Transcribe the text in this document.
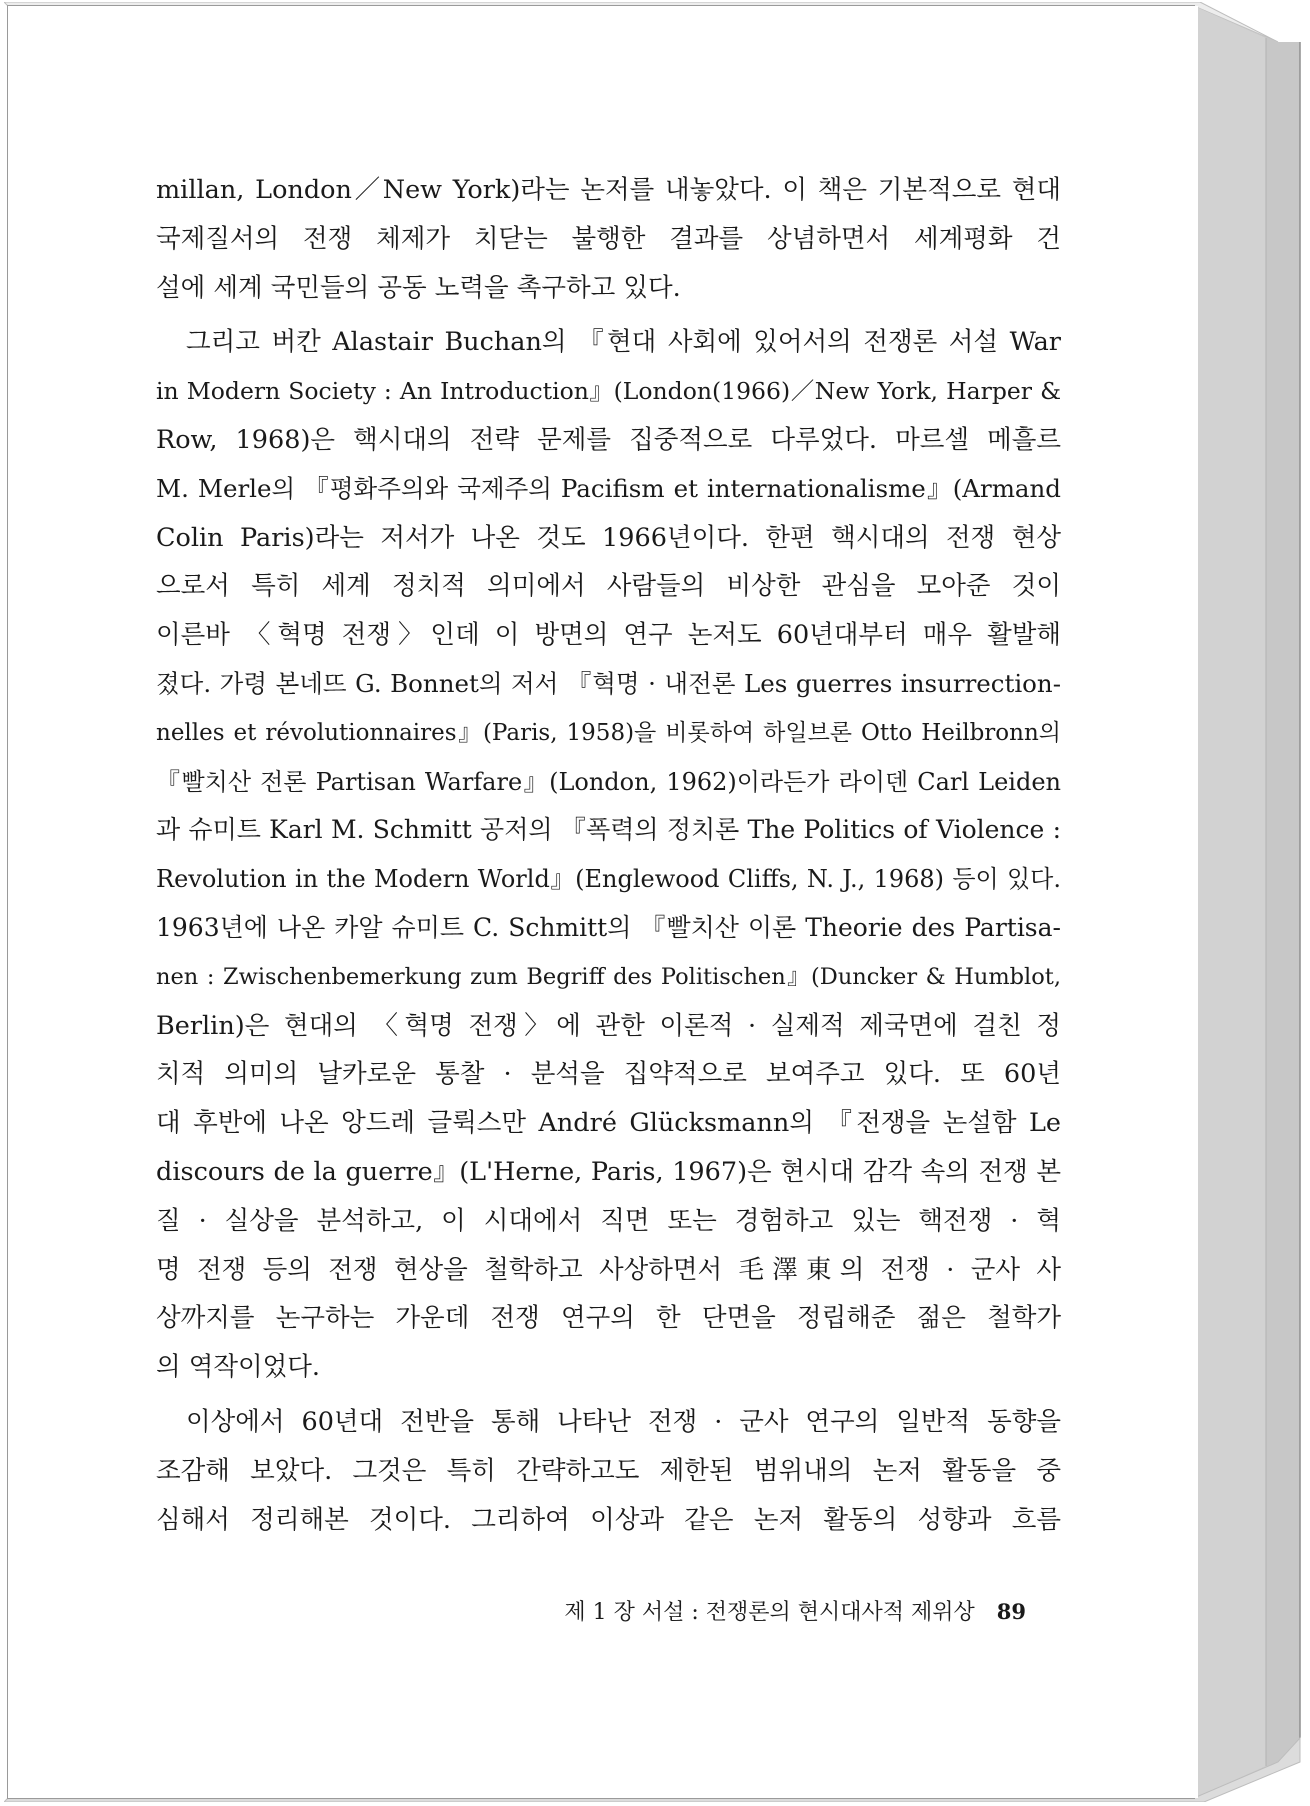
millan, London／New York)라는 논저를 내놓았다. 이 책은 기본적으로 현대
국제질서의 전쟁 체제가 치닫는 불행한 결과를 상념하면서 세계평화 건
설에 세계 국민들의 공동 노력을 촉구하고 있다.
그리고 버칸 Alastair Buchan의 『현대 사회에 있어서의 전쟁론 서설 War
in Modern Society : An Introduction』(London(1966)／New York, Harper &
Row, 1968)은 핵시대의 전략 문제를 집중적으로 다루었다. 마르셀 메흘르
M. Merle의 『평화주의와 국제주의 Pacifism et internationalisme』(Armand
Colin Paris)라는 저서가 나온 것도 1966년이다. 한편 핵시대의 전쟁 현상
으로서 특히 세계 정치적 의미에서 사람들의 비상한 관심을 모아준 것이
이른바 〈혁명 전쟁〉인데 이 방면의 연구 논저도 60년대부터 매우 활발해
졌다. 가령 본네뜨 G. Bonnet의 저서 『혁명 · 내전론 Les guerres insurrection-
nelles et révolutionnaires』(Paris, 1958)을 비롯하여 하일브론 Otto Heilbronn의
『빨치산 전론 Partisan Warfare』(London, 1962)이라든가 라이덴 Carl Leiden
과 슈미트 Karl M. Schmitt 공저의 『폭력의 정치론 The Politics of Violence :
Revolution in the Modern World』(Englewood Cliffs, N. J., 1968) 등이 있다.
1963년에 나온 카알 슈미트 C. Schmitt의 『빨치산 이론 Theorie des Partisa-
nen : Zwischenbemerkung zum Begriff des Politischen』(Duncker & Humblot,
Berlin)은 현대의 〈혁명 전쟁〉에 관한 이론적 · 실제적 제국면에 걸친 정
치적 의미의 날카로운 통찰 · 분석을 집약적으로 보여주고 있다. 또 60년
대 후반에 나온 앙드레 글뤽스만 André Glücksmann의 『전쟁을 논설함 Le
discours de la guerre』(L'Herne, Paris, 1967)은 현시대 감각 속의 전쟁 본
질 · 실상을 분석하고, 이 시대에서 직면 또는 경험하고 있는 핵전쟁 · 혁
명 전쟁 등의 전쟁 현상을 철학하고 사상하면서 毛澤東의 전쟁 · 군사 사
상까지를 논구하는 가운데 전쟁 연구의 한 단면을 정립해준 젊은 철학가
의 역작이었다.
이상에서 60년대 전반을 통해 나타난 전쟁 · 군사 연구의 일반적 동향을
조감해 보았다. 그것은 특히 간략하고도 제한된 범위내의 논저 활동을 중
심해서 정리해본 것이다. 그리하여 이상과 같은 논저 활동의 성향과 흐름
제 1 장 서설 : 전쟁론의 현시대사적 제위상 89
